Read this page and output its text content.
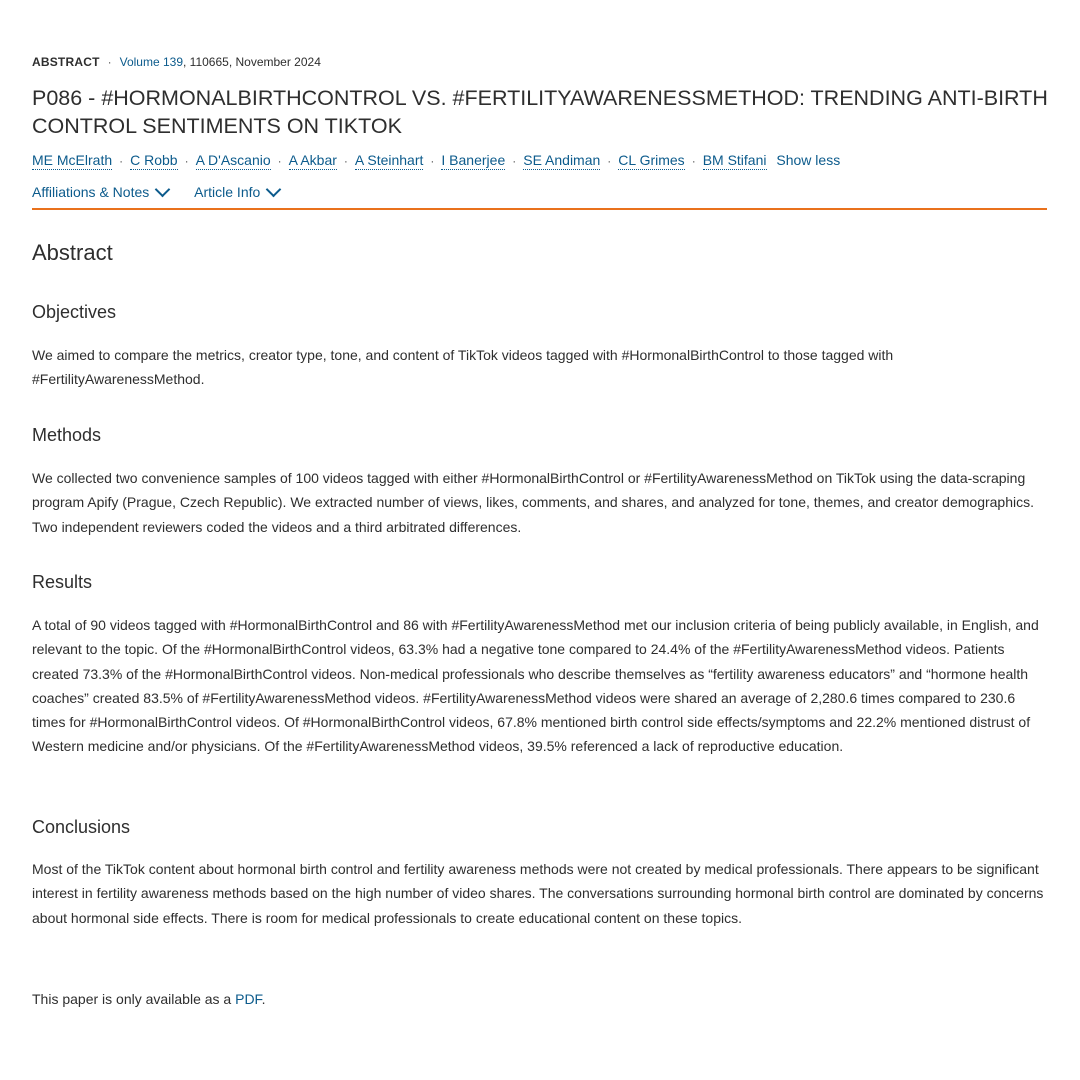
ABSTRACT · Volume 139, 110665, November 2024
P086 - #HORMONALBIRTHCONTROL VS. #FERTILITYAWARENESSMETHOD: TRENDING ANTI-BIRTH CONTROL SENTIMENTS ON TIKTOK
ME McElrath · C Robb · A D'Ascanio · A Akbar · A Steinhart · I Banerjee · SE Andiman · CL Grimes · BM Stifani Show less
Affiliations & Notes
	Article Info
Abstract
Objectives

We aimed to compare the metrics, creator type, tone, and content of TikTok videos tagged with #HormonalBirthControl to those tagged with #FertilityAwarenessMethod.

Methods

We collected two convenience samples of 100 videos tagged with either #HormonalBirthControl or #FertilityAwarenessMethod on TikTok using the data-scraping program Apify (Prague, Czech Republic). We extracted number of views, likes, comments, and shares, and analyzed for tone, themes, and creator demographics. Two independent reviewers coded the videos and a third arbitrated differences.

Results

A total of 90 videos tagged with #HormonalBirthControl and 86 with #FertilityAwarenessMethod met our inclusion criteria of being publicly available, in English, and relevant to the topic. Of the #HormonalBirthControl videos, 63.3% had a negative tone compared to 24.4% of the #FertilityAwarenessMethod videos. Patients created 73.3% of the #HormonalBirthControl videos. Non-medical professionals who describe themselves as “fertility awareness educators” and “hormone health coaches” created 83.5% of #FertilityAwarenessMethod videos. #FertilityAwarenessMethod videos were shared an average of 2,280.6 times compared to 230.6 times for #HormonalBirthControl videos. Of #HormonalBirthControl videos, 67.8% mentioned birth control side effects/symptoms and 22.2% mentioned distrust of Western medicine and/or physicians. Of the #FertilityAwarenessMethod videos, 39.5% referenced a lack of reproductive education.

Conclusions

Most of the TikTok content about hormonal birth control and fertility awareness methods were not created by medical professionals. There appears to be significant interest in fertility awareness methods based on the high number of video shares. The conversations surrounding hormonal birth control are dominated by concerns about hormonal side effects. There is room for medical professionals to create educational content on these topics.

This paper is only available as a PDF.
